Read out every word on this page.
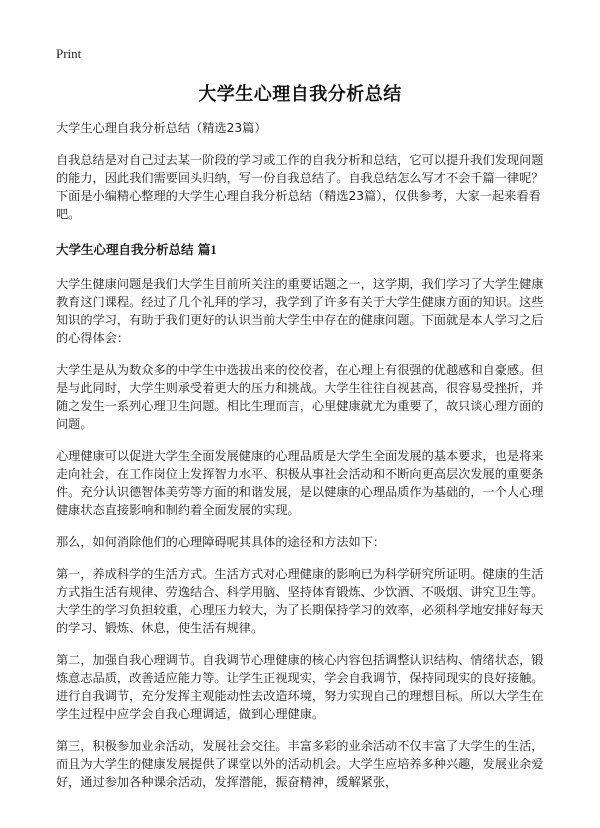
Print
大学生心理自我分析总结

大学生心理自我分析总结（精选23篇）

自我总结是对自己过去某一阶段的学习或工作的自我分析和总结，它可以提升我们发现问题的能力，因此我们需要回头归纳，写一份自我总结了。自我总结怎么写才不会千篇一律呢？下面是小编精心整理的大学生心理自我分析总结（精选23篇），仅供参考，大家一起来看看吧。

大学生心理自我分析总结 篇1

大学生健康问题是我们大学生目前所关注的重要话题之一，这学期，我们学习了大学生健康教育这门课程。经过了几个礼拜的学习，我学到了许多有关于大学生健康方面的知识。这些知识的学习，有助于我们更好的认识当前大学生中存在的健康问题。下面就是本人学习之后的心得体会：

大学生是从为数众多的中学生中选拔出来的佼佼者，在心理上有很强的优越感和自豪感。但是与此同时，大学生则承受着更大的压力和挑战。大学生往往自视甚高，很容易受挫折，并随之发生一系列心理卫生问题。相比生理而言，心里健康就尤为重要了，故只谈心理方面的问题。

心理健康可以促进大学生全面发展健康的心理品质是大学生全面发展的基本要求，也是将来走向社会，在工作岗位上发挥智力水平、积极从事社会活动和不断向更高层次发展的重要条件。充分认识德智体美劳等方面的和谐发展，是以健康的心理品质作为基础的，一个人心理健康状态直接影响和制约着全面发展的实现。

那么，如何消除他们的心理障碍呢其具体的途径和方法如下：

第一，养成科学的生活方式。生活方式对心理健康的影响已为科学研究所证明。健康的生活方式指生活有规律、劳逸结合、科学用脑、坚持体育锻炼、少饮酒、不吸烟、讲究卫生等。大学生的学习负担较重，心理压力较大，为了长期保持学习的效率，必须科学地安排好每天的学习、锻炼、休息，使生活有规律。

第二，加强自我心理调节。自我调节心理健康的核心内容包括调整认识结构、情绪状态，锻炼意志品质，改善适应能力等。让学生正视现实，学会自我调节，保持同现实的良好接触。进行自我调节，充分发挥主观能动性去改造环境，努力实现自己的理想目标。所以大学生在学生过程中应学会自我心理调适，做到心理健康。

第三，积极参加业余活动，发展社会交往。丰富多彩的业余活动不仅丰富了大学生的生活，而且为大学生的健康发展提供了课堂以外的活动机会。大学生应培养多种兴趣，发展业余爱好，通过参加各种课余活动，发挥潜能，振奋精神，缓解紧张，
